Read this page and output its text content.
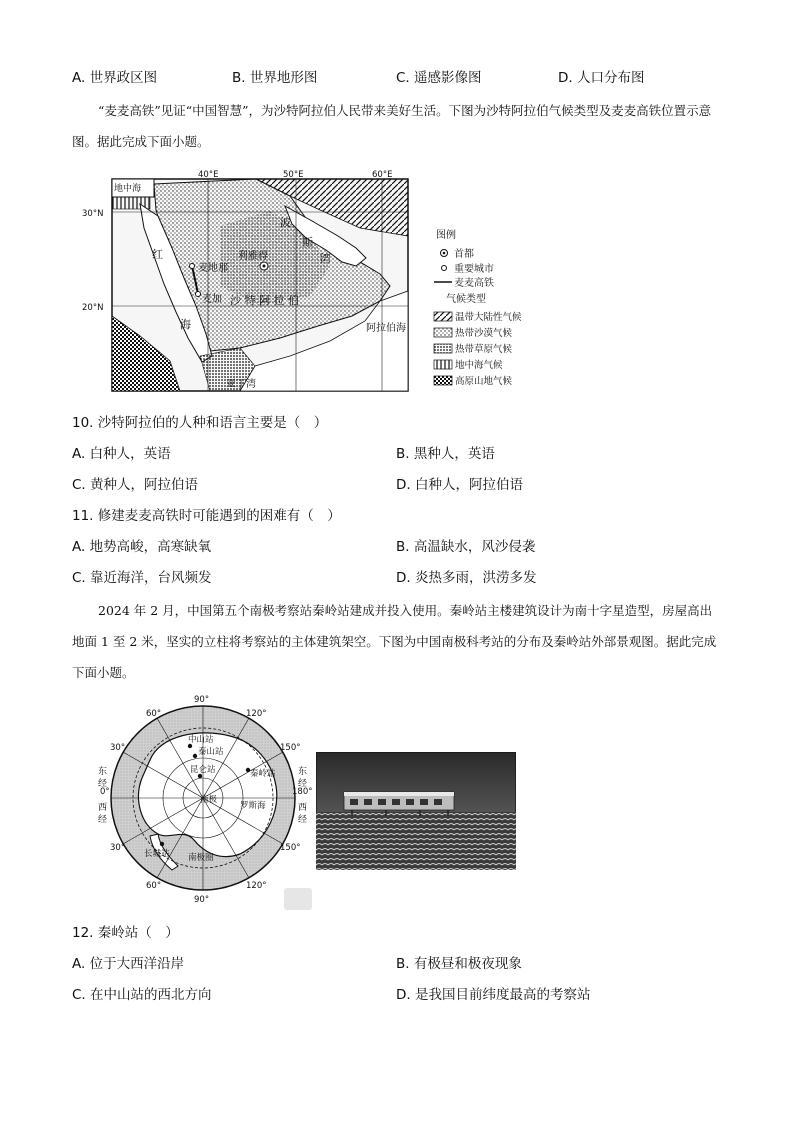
A. 世界政区图	B. 世界地形图	C. 遥感影像图	D. 人口分布图
“麦麦高铁”见证“中国智慧”，为沙特阿拉伯人民带来美好生活。下图为沙特阿拉伯气候类型及麦麦高铁位置示意图。据此完成下面小题。
40°E	50°E	60°E
30°N
20°N
地中海
红
海
波
斯
湾
麦地那
利雅得
麦加 沙 特 阿 拉 伯
阿拉伯海
亚丁湾
图例
首都
重要城市
麦麦高铁
气候类型
温带大陆性气候
热带沙漠气候
热带草原气候
地中海气候
高原山地气候
10. 沙特阿拉伯的人种和语言主要是（　）
A. 白种人，英语	B. 黑种人，英语
C. 黄种人，阿拉伯语	D. 白种人，阿拉伯语
11. 修建麦麦高铁时可能遇到的困难有（　）
A. 地势高峻，高寒缺氧	B. 高温缺水，风沙侵袭
C. 靠近海洋，台风频发	D. 炎热多雨，洪涝多发
2024 年 2 月，中国第五个南极考察站秦岭站建成并投入使用。秦岭站主楼建筑设计为南十字星造型，房屋高出地面 1 至 2 米，坚实的立柱将考察站的主体建筑架空。下图为中国南极科考站的分布及秦岭站外部景观图。据此完成下面小题。
中山站
泰山站
秦岭站
昆仑站
南极
罗斯海
长城站 南极圈
90°
60°	120°
30°	150°
0°	180°
30°	150°
60°	120°
90°
东
经
西
经
东
经
西
经
12. 秦岭站（　）
A. 位于大西洋沿岸	B. 有极昼和极夜现象
C. 在中山站的西北方向	D. 是我国目前纬度最高的考察站
